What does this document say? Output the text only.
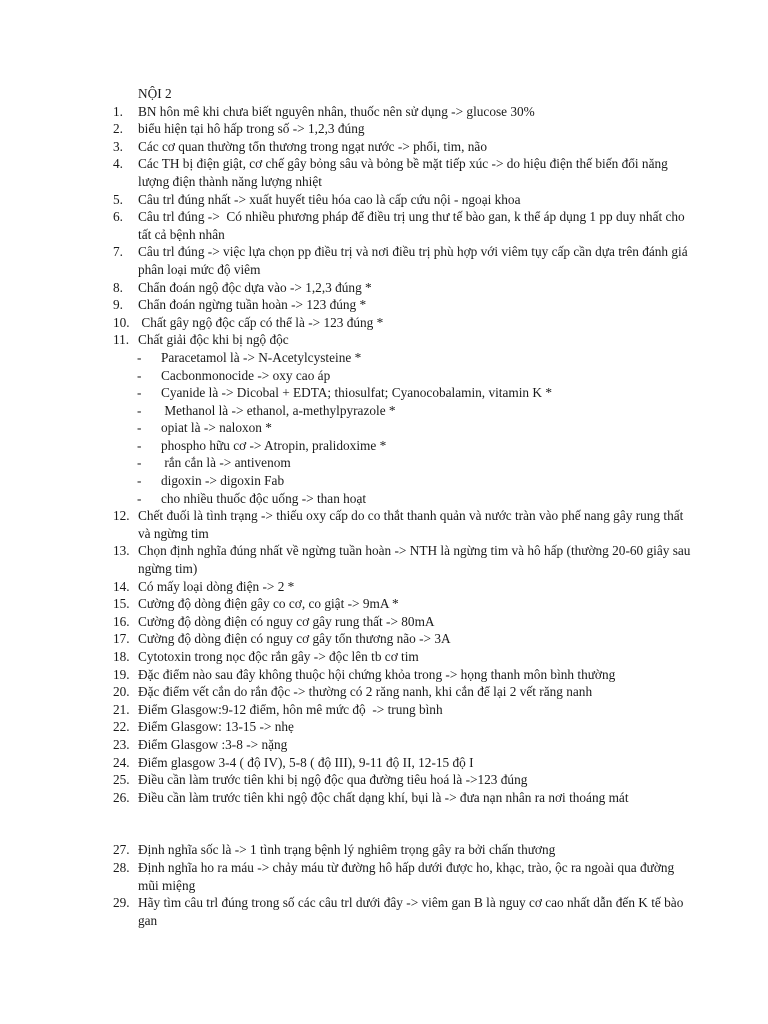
NỘI 2
1.	BN hôn mê khi chưa biết nguyên nhân, thuốc nên sử dụng -> glucose 30%
2.	biểu hiện tại hô hấp trong số -> 1,2,3 đúng
3.	Các cơ quan thường tổn thương trong ngạt nước -> phổi, tim, não
4.	Các TH bị điện giật, cơ chế gây bỏng sâu và bỏng bề mặt tiếp xúc -> do hiệu điện thế biến đổi năng lượng điện thành năng lượng nhiệt
5.	Câu trl đúng nhất -> xuất huyết tiêu hóa cao là cấp cứu nội - ngoại khoa
6.	Câu trl đúng ->  Có nhiều phương pháp để điều trị ung thư tế bào gan, k thể áp dụng 1 pp duy nhất cho tất cả bệnh nhân
7.	Câu trl đúng -> việc lựa chọn pp điều trị và nơi điều trị phù hợp với viêm tụy cấp cần dựa trên đánh giá phân loại mức độ viêm
8.	Chẩn đoán ngộ độc dựa vào -> 1,2,3 đúng *
9.	Chẩn đoán ngừng tuần hoàn -> 123 đúng *
10. Chất gây ngộ độc cấp có thể là -> 123 đúng *
11. Chất giải độc khi bị ngộ độc
- Paracetamol là -> N-Acetylcysteine *
- Cacbonmonocide -> oxy cao áp
- Cyanide là -> Dicobal + EDTA; thiosulfat; Cyanocobalamin, vitamin K *
- Methanol là -> ethanol, a-methylpyrazole *
- opiat là -> naloxon *
- phospho hữu cơ -> Atropin, pralidoxime *
- rắn cắn là -> antivenom
- digoxin -> digoxin Fab
- cho nhiều thuốc độc uống -> than hoạt
12. Chết đuối là tình trạng -> thiếu oxy cấp do co thắt thanh quản và nước tràn vào phế nang gây rung thất và ngừng tim
13. Chọn định nghĩa đúng nhất về ngừng tuần hoàn -> NTH là ngừng tim và hô hấp (thường 20-60 giây sau ngừng tim)
14. Có mấy loại dòng điện -> 2 *
15. Cường độ dòng điện gây co cơ, co giật -> 9mA *
16. Cường độ dòng điện có nguy cơ gây rung thất -> 80mA
17. Cường độ dòng điện có nguy cơ gây tổn thương não -> 3A
18. Cytotoxin trong nọc độc rắn gây -> độc lên tb cơ tim
19. Đặc điểm nào sau đây không thuộc hội chứng khỏa trong -> họng thanh môn bình thường
20. Đặc điểm vết cắn do rắn độc -> thường có 2 răng nanh, khi cắn để lại 2 vết răng nanh
21. Điểm Glasgow:9-12 điểm, hôn mê mức độ  -> trung bình
22. Điểm Glasgow: 13-15 -> nhẹ
23. Điểm Glasgow :3-8 -> nặng
24. Điểm glasgow 3-4 ( độ IV), 5-8 ( độ III), 9-11 độ II, 12-15 độ I
25. Điều cần làm trước tiên khi bị ngộ độc qua đường tiêu hoá là ->123 đúng
26. Điều cần làm trước tiên khi ngộ độc chất dạng khí, bụi là -> đưa nạn nhân ra nơi thoáng mát
27. Định nghĩa sốc là -> 1 tình trạng bệnh lý nghiêm trọng gây ra bởi chấn thương
28. Định nghĩa ho ra máu -> chảy máu từ đường hô hấp dưới được ho, khạc, trào, ộc ra ngoài qua đường mũi miệng
29. Hãy tìm câu trl đúng trong số các câu trl dưới đây -> viêm gan B là nguy cơ cao nhất dẫn đến K tế bào gan
